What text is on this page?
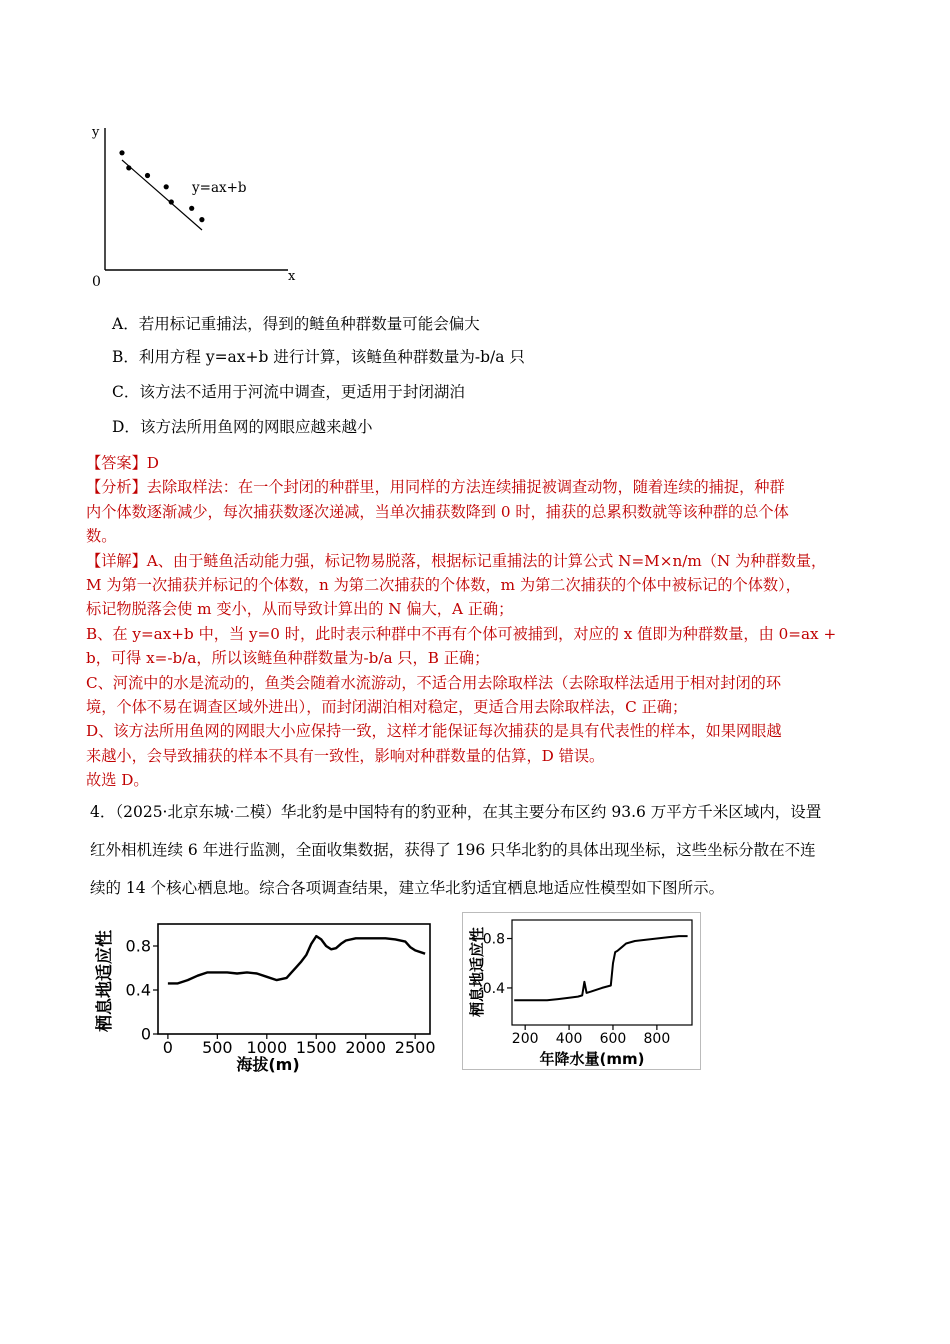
y
x
0
y=ax+b
A．若用标记重捕法，得到的鲢鱼种群数量可能会偏大
B．利用方程 y=ax+b 进行计算，该鲢鱼种群数量为-b/a 只
C．该方法不适用于河流中调查，更适用于封闭湖泊
D．该方法所用鱼网的网眼应越来越小
【答案】D
【分析】去除取样法：在一个封闭的种群里，用同样的方法连续捕捉被调查动物，随着连续的捕捉，种群
内个体数逐渐减少，每次捕获数逐次递减，当单次捕获数降到 0 时，捕获的总累积数就等该种群的总个体
数。
【详解】A、由于鲢鱼活动能力强，标记物易脱落，根据标记重捕法的计算公式 N=M×n/m（N 为种群数量，
M 为第一次捕获并标记的个体数，n 为第二次捕获的个体数，m 为第二次捕获的个体中被标记的个体数），
标记物脱落会使 m 变小，从而导致计算出的 N 偏大，A 正确；
B、在 y=ax+b 中，当 y=0 时，此时表示种群中不再有个体可被捕到，对应的 x 值即为种群数量，由 0=ax +
b，可得 x=-b/a，所以该鲢鱼种群数量为-b/a 只，B 正确；
C、河流中的水是流动的，鱼类会随着水流游动，不适合用去除取样法（去除取样法适用于相对封闭的环
境，个体不易在调查区域外进出），而封闭湖泊相对稳定，更适合用去除取样法，C 正确；
D、该方法所用鱼网的网眼大小应保持一致，这样才能保证每次捕获的是具有代表性的样本，如果网眼越
来越小，会导致捕获的样本不具有一致性，影响对种群数量的估算，D 错误。
故选 D。
4．（2025·北京东城·二模）华北豹是中国特有的豹亚种，在其主要分布区约 93.6 万平方千米区域内，设置
红外相机连续 6 年进行监测，全面收集数据，获得了 196 只华北豹的具体出现坐标，这些坐标分散在不连
续的 14 个核心栖息地。综合各项调查结果，建立华北豹适宜栖息地适应性模型如下图所示。
栖息地适应性
海拔(m)
0 500 1000 1500 2000 2500
0
0.4
0.8	栖息地适应性
年降水量(mm)
200 400 600 800
0.4
0.8
